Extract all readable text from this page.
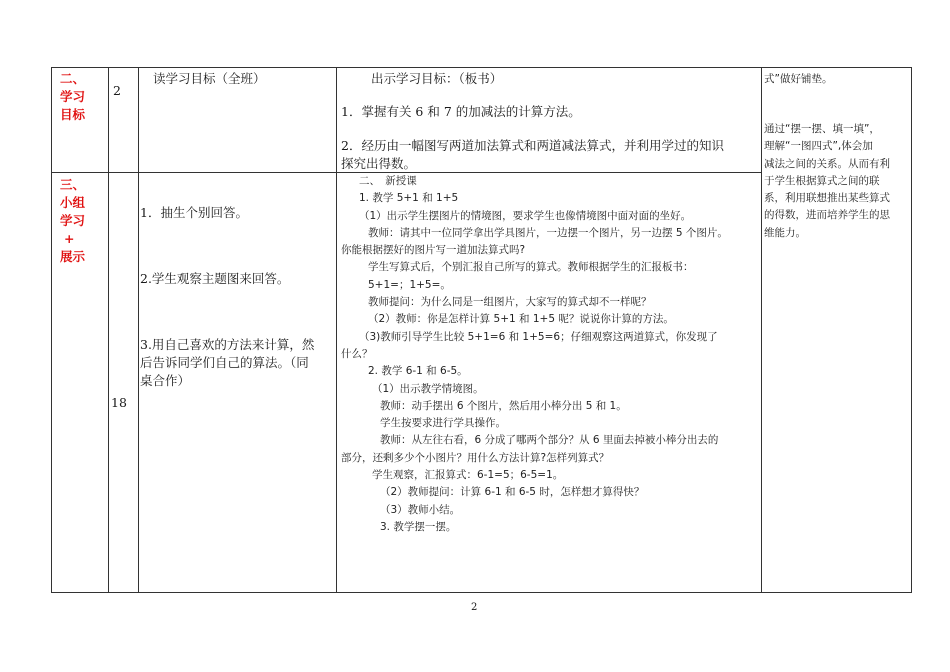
二、
学习
目标
2
读学习目标（全班）	出示学习目标：（板书）
1．掌握有关 6 和 7 的加减法的计算方法。
2．经历由一幅图写两道加法算式和两道减法算式，并利用学过的知识
探究出得数。
式”做好铺垫。
三、
小组
学习
+
展示
18
1．抽生个别回答。
2.学生观察主题图来回答。
3.用自己喜欢的方法来计算，然
后告诉同学们自己的算法。（同
桌合作）
二、　新授课
1. 教学 5+1 和 1+5
（1）出示学生摆图片的情境图，要求学生也像情境图中面对面的坐好。
教师：请其中一位同学拿出学具图片，一边摆一个图片，另一边摆 5 个图片。
你能根据摆好的图片写一道加法算式吗?
学生写算式后，个别汇报自己所写的算式。教师根据学生的汇报板书：
5+1=；1+5=。
教师提问：为什么同是一组图片，大家写的算式却不一样呢？
（2）教师：你是怎样计算 5+1 和 1+5 呢？说说你计算的方法。
（3)教师引导学生比较 5+1=6 和 1+5=6；仔细观察这两道算式，你发现了
什么？
2. 教学 6-1 和 6-5。
（1）出示教学情境图。
教师：动手摆出 6 个图片，然后用小棒分出 5 和 1。
学生按要求进行学具操作。
教师：从左往右看，6 分成了哪两个部分？从 6 里面去掉被小棒分出去的
部分，还剩多少个小图片？用什么方法计算?怎样列算式？
学生观察，汇报算式：6-1=5；6-5=1。
（2）教师提问：计算 6-1 和 6-5 时，怎样想才算得快？
（3）教师小结。
3. 教学摆一摆。
通过“摆一摆、填一填”，
理解“一图四式”,体会加
减法之间的关系。从而有利
于学生根据算式之间的联
系，利用联想推出某些算式
的得数，进而培养学生的思
维能力。
2
